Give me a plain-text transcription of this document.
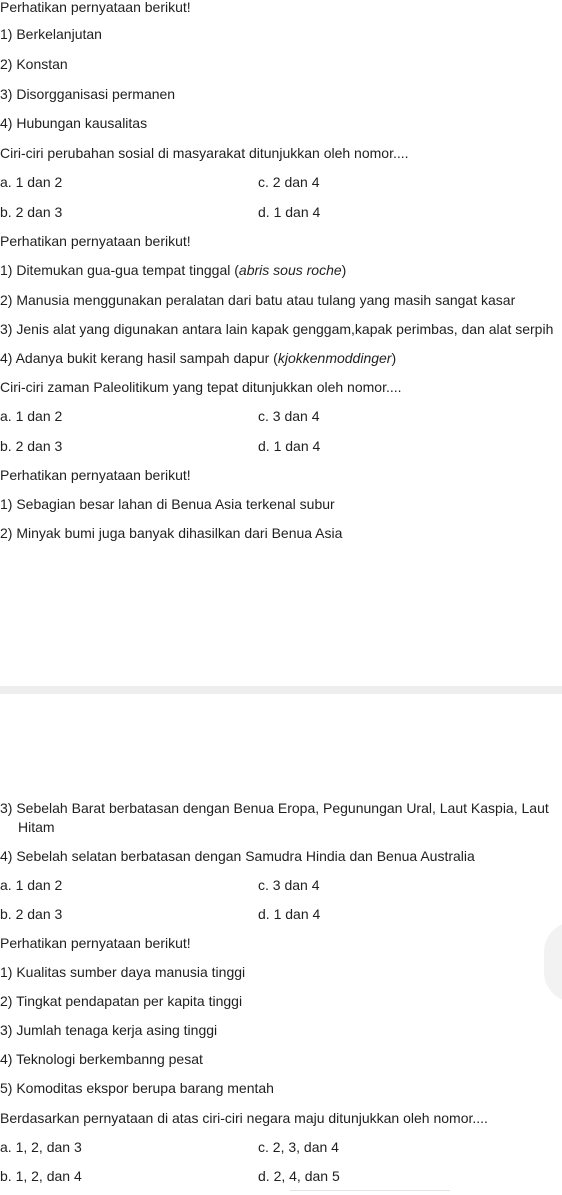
Perhatikan pernyataan berikut!
1) Berkelanjutan
2) Konstan
3) Disorgganisasi permanen
4) Hubungan kausalitas
Ciri-ciri perubahan sosial di masyarakat ditunjukkan oleh nomor....
a. 1 dan 2	c. 2 dan 4
b. 2 dan 3	d. 1 dan 4
Perhatikan pernyataan berikut!
1) Ditemukan gua-gua tempat tinggal (abris sous roche)
2) Manusia menggunakan peralatan dari batu atau tulang yang masih sangat kasar
3) Jenis alat yang digunakan antara lain kapak genggam,kapak perimbas, dan alat serpih
4) Adanya bukit kerang hasil sampah dapur (kjokkenmoddinger)
Ciri-ciri zaman Paleolitikum yang tepat ditunjukkan oleh nomor....
a. 1 dan 2	c. 3 dan 4
b. 2 dan 3	d. 1 dan 4
Perhatikan pernyataan berikut!
1) Sebagian besar lahan di Benua Asia terkenal subur
2) Minyak bumi juga banyak dihasilkan dari Benua Asia
3) Sebelah Barat berbatasan dengan Benua Eropa, Pegunungan Ural, Laut Kaspia, Laut
Hitam
4) Sebelah selatan berbatasan dengan Samudra Hindia dan Benua Australia
a. 1 dan 2	c. 3 dan 4
b. 2 dan 3	d. 1 dan 4
Perhatikan pernyataan berikut!
1) Kualitas sumber daya manusia tinggi
2) Tingkat pendapatan per kapita tinggi
3) Jumlah tenaga kerja asing tinggi
4) Teknologi berkembanng pesat
5) Komoditas ekspor berupa barang mentah
Berdasarkan pernyataan di atas ciri-ciri negara maju ditunjukkan oleh nomor....
a. 1, 2, dan 3	c. 2, 3, dan 4
b. 1, 2, dan 4	d. 2, 4, dan 5
